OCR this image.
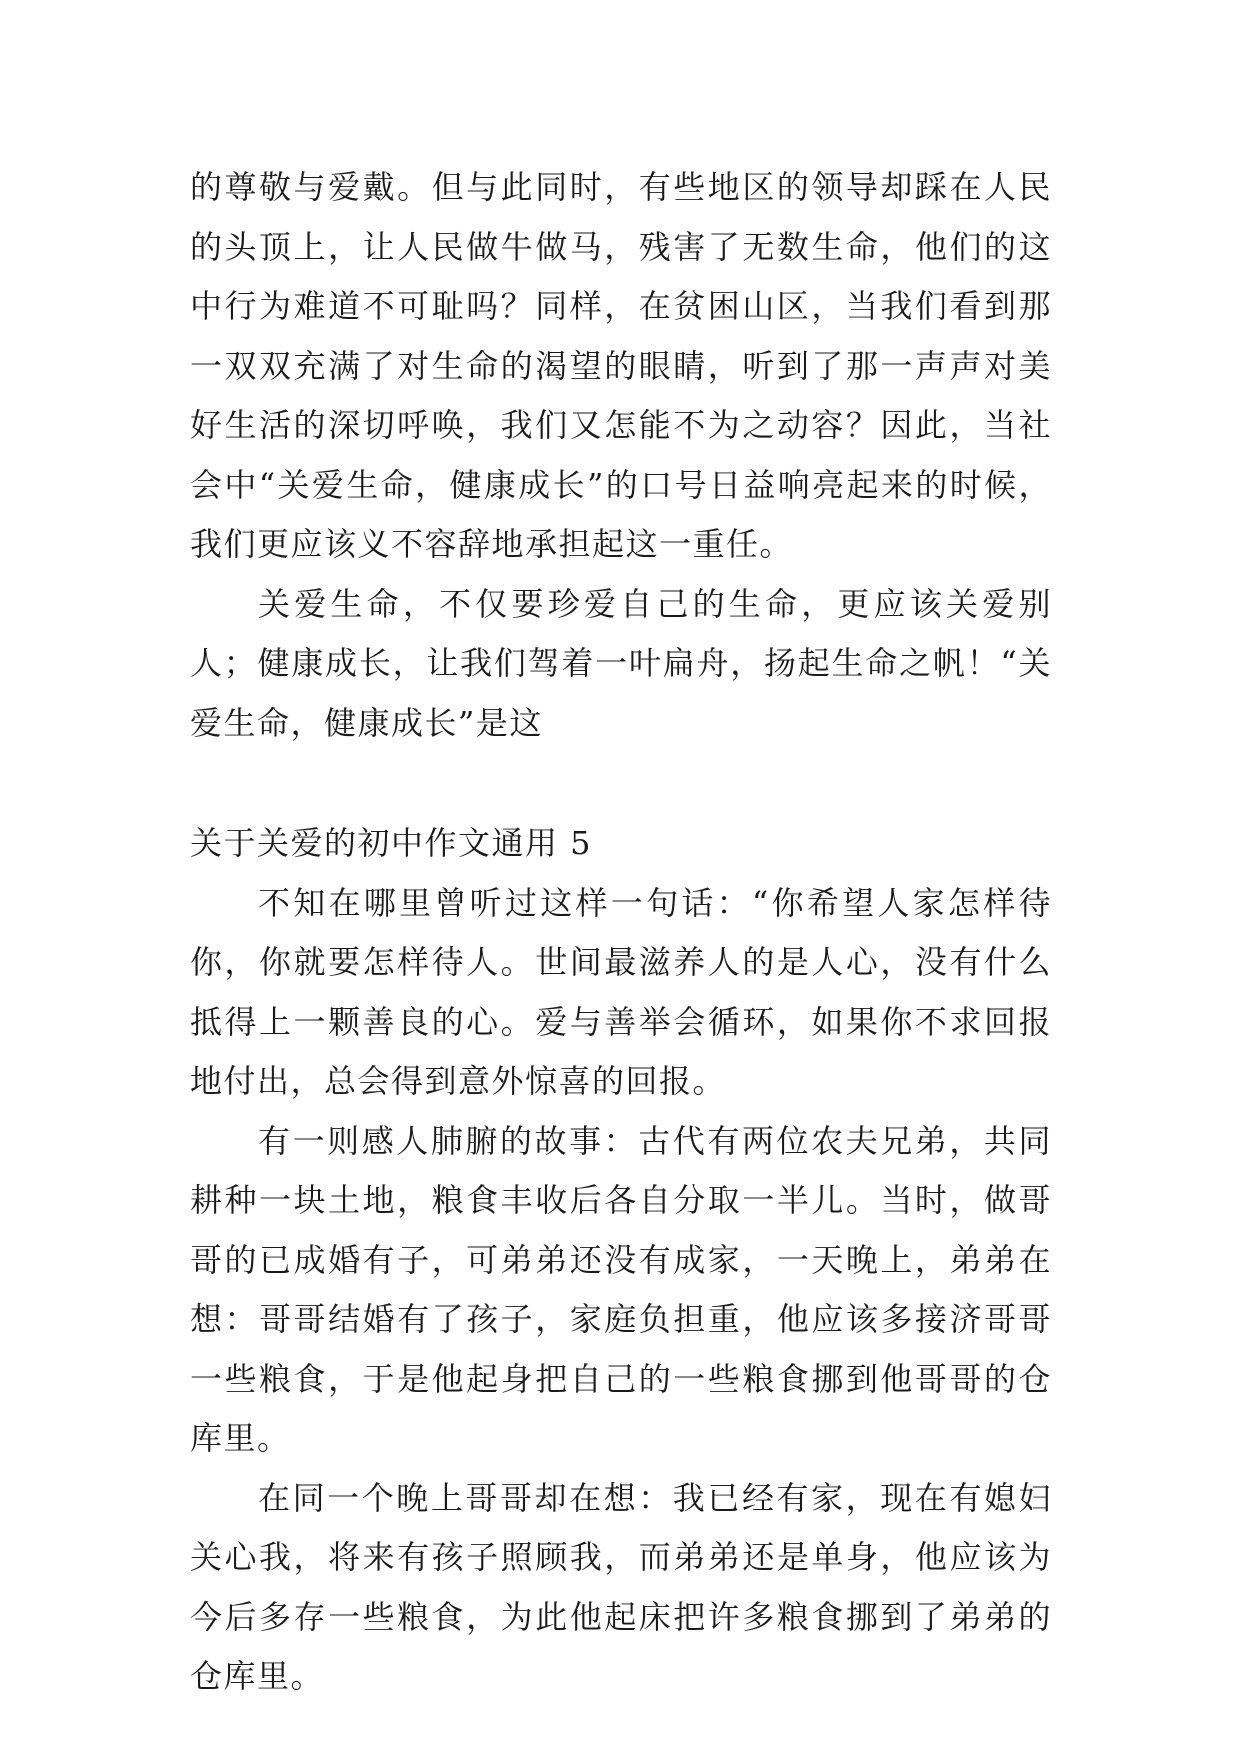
的尊敬与爱戴。但与此同时，有些地区的领导却踩在人民的头顶上，让人民做牛做马，残害了无数生命，他们的这中行为难道不可耻吗？同样，在贫困山区，当我们看到那一双双充满了对生命的渴望的眼睛，听到了那一声声对美好生活的深切呼唤，我们又怎能不为之动容？因此，当社会中“关爱生命，健康成长”的口号日益响亮起来的时候，我们更应该义不容辞地承担起这一重任。

关爱生命，不仅要珍爱自己的生命，更应该关爱别人；健康成长，让我们驾着一叶扁舟，扬起生命之帆！“关爱生命，健康成长”是这

关于关爱的初中作文通用 5

不知在哪里曾听过这样一句话：“你希望人家怎样待你，你就要怎样待人。世间最滋养人的是人心，没有什么抵得上一颗善良的心。爱与善举会循环，如果你不求回报地付出，总会得到意外惊喜的回报。

有一则感人肺腑的故事：古代有两位农夫兄弟，共同耕种一块土地，粮食丰收后各自分取一半儿。当时，做哥哥的已成婚有子，可弟弟还没有成家，一天晚上，弟弟在想：哥哥结婚有了孩子，家庭负担重，他应该多接济哥哥一些粮食，于是他起身把自己的一些粮食挪到他哥哥的仓库里。

在同一个晚上哥哥却在想：我已经有家，现在有媳妇关心我，将来有孩子照顾我，而弟弟还是单身，他应该为今后多存一些粮食，为此他起床把许多粮食挪到了弟弟的仓库里。
